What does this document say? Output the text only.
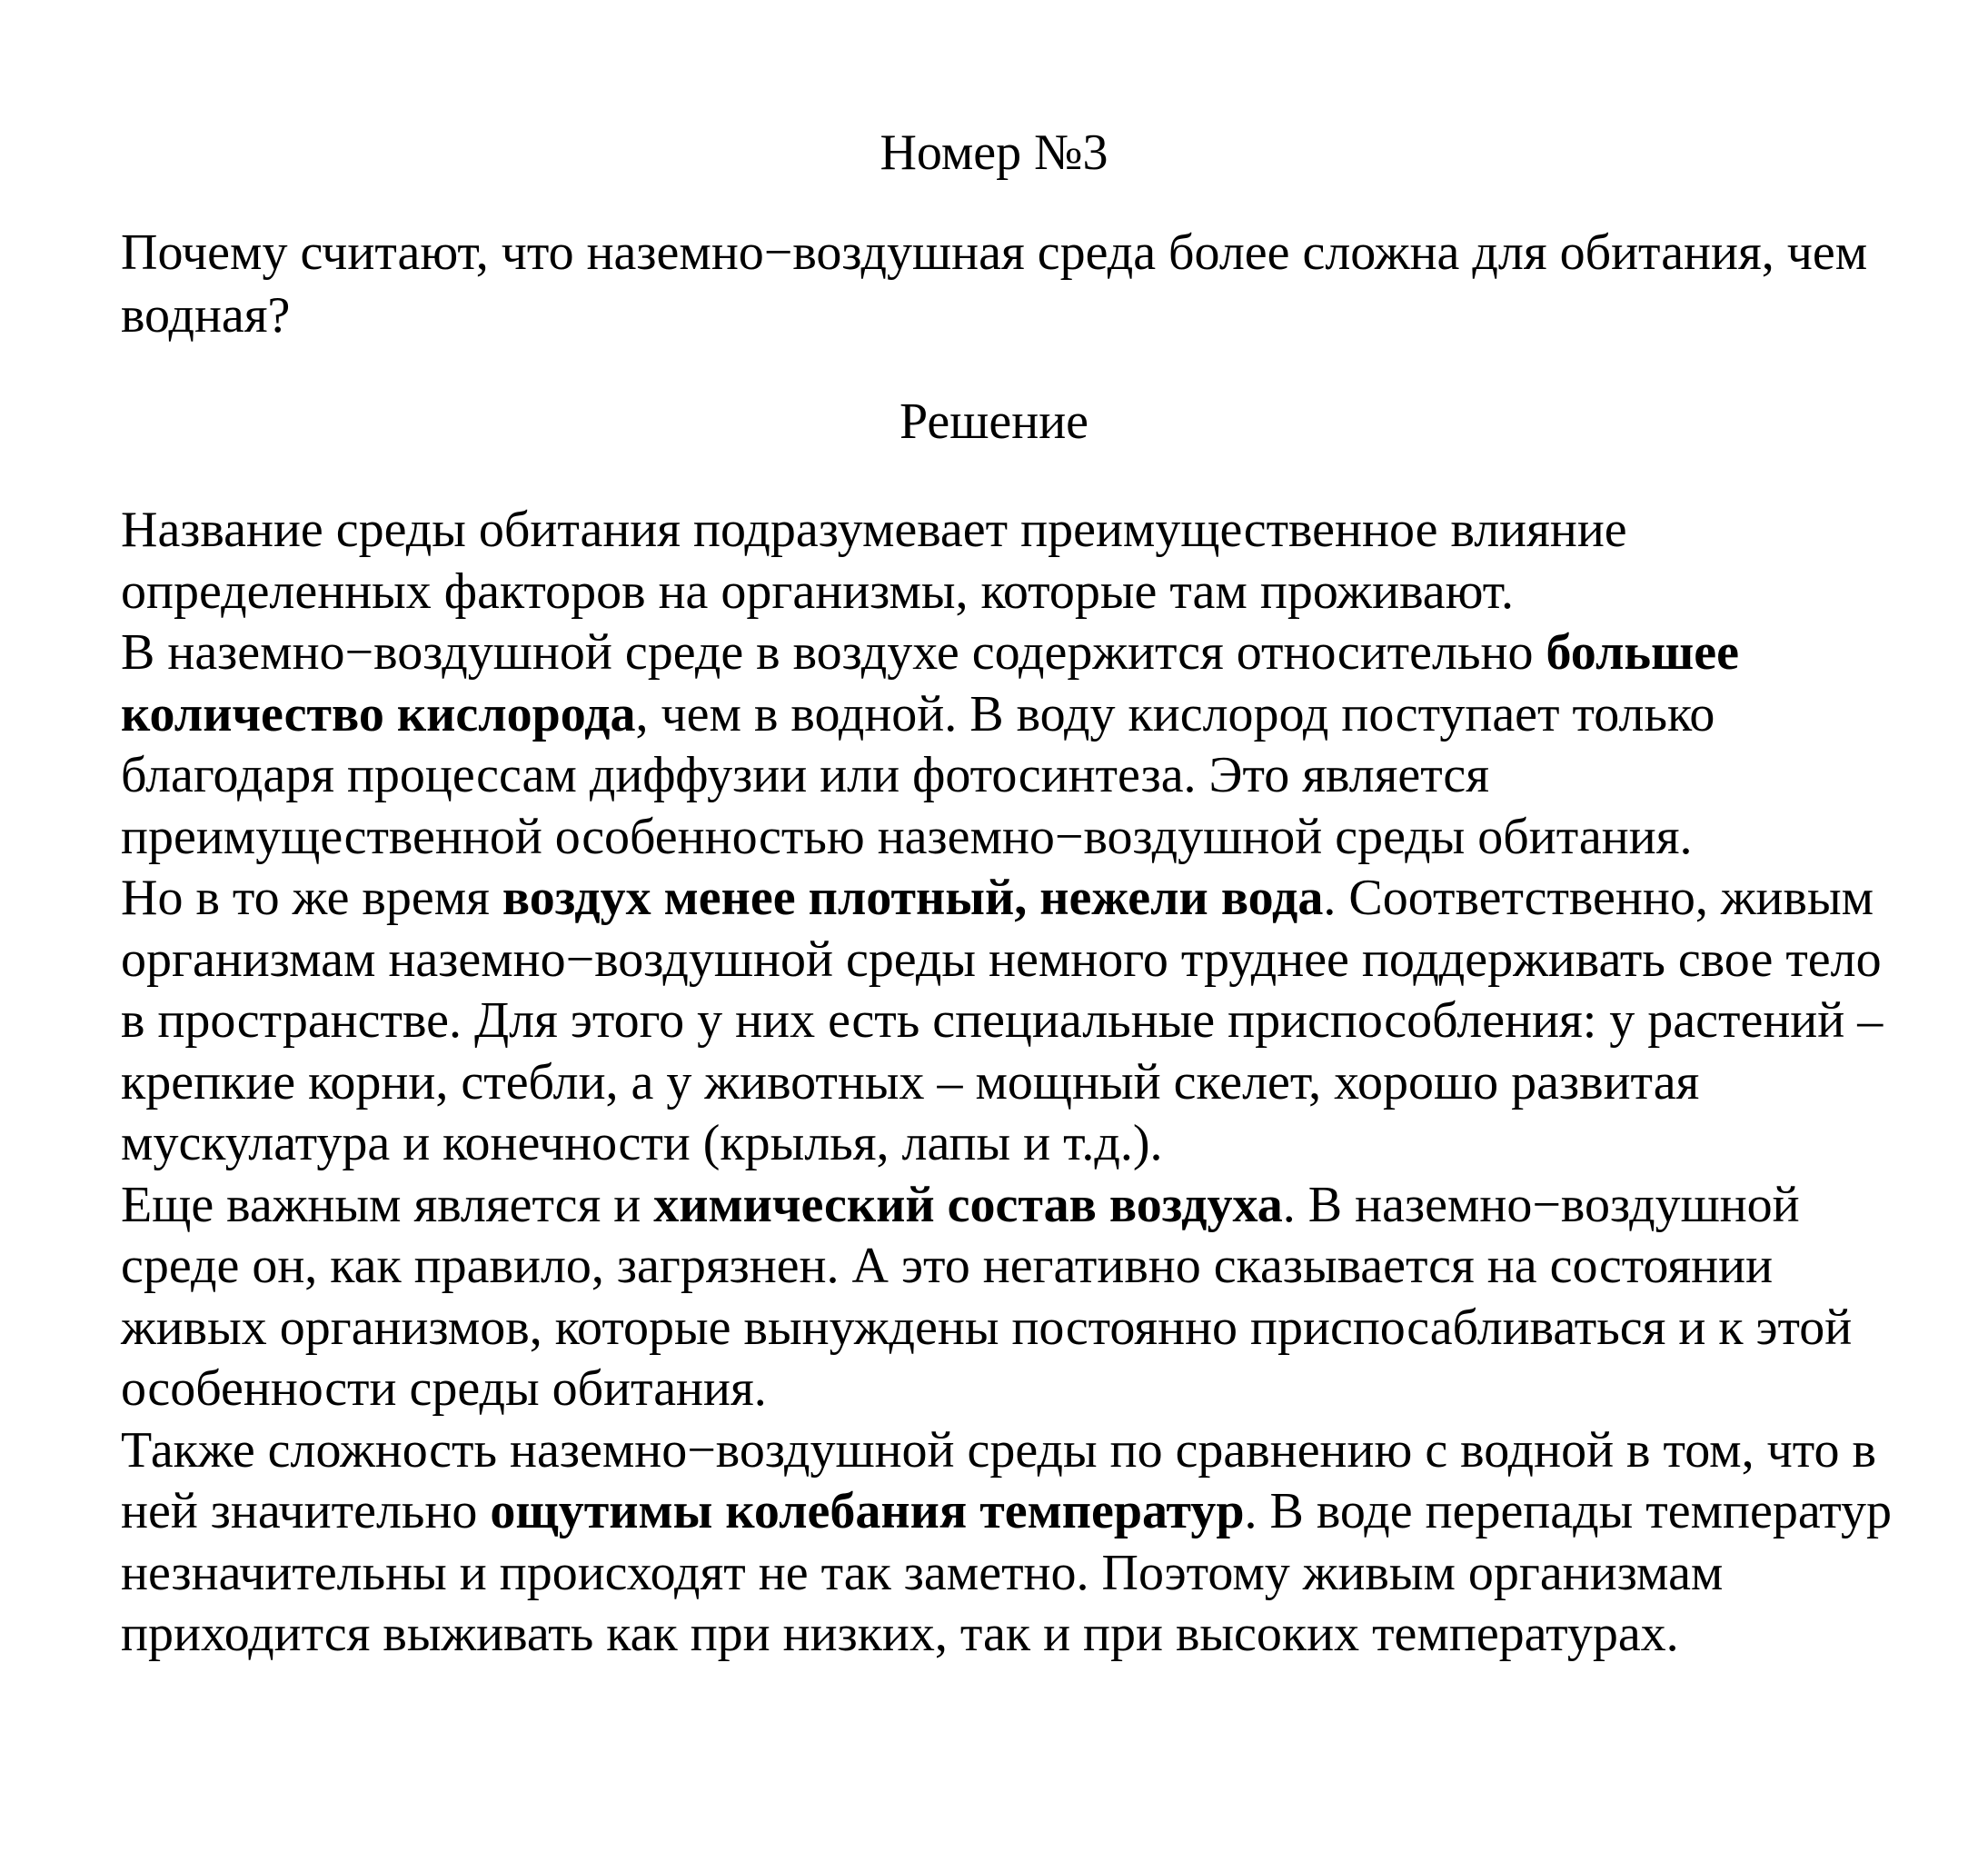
Номер №3

Почему считают, что наземно−воздушная среда более сложна для обитания, чем водная?

Решение

Название среды обитания подразумевает преимущественное влияние определенных факторов на организмы, которые там проживают.

В наземно−воздушной среде в воздухе содержится относительно большее количество кислорода, чем в водной. В воду кислород поступает только благодаря процессам диффузии или фотосинтеза. Это является преимущественной особенностью наземно−воздушной среды обитания.

Но в то же время воздух менее плотный, нежели вода. Соответственно, живым организмам наземно−воздушной среды немного труднее поддерживать свое тело в пространстве. Для этого у них есть специальные приспособления: у растений – крепкие корни, стебли, а у животных – мощный скелет, хорошо развитая мускулатура и конечности (крылья, лапы и т.д.).

Еще важным является и химический состав воздуха. В наземно−воздушной среде он, как правило, загрязнен. А это негативно сказывается на состоянии живых организмов, которые вынуждены постоянно приспосабливаться и к этой особенности среды обитания.

Также сложность наземно−воздушной среды по сравнению с водной в том, что в ней значительно ощутимы колебания температур. В воде перепады температур незначительны и происходят не так заметно. Поэтому живым организмам приходится выживать как при низких, так и при высоких температурах.
